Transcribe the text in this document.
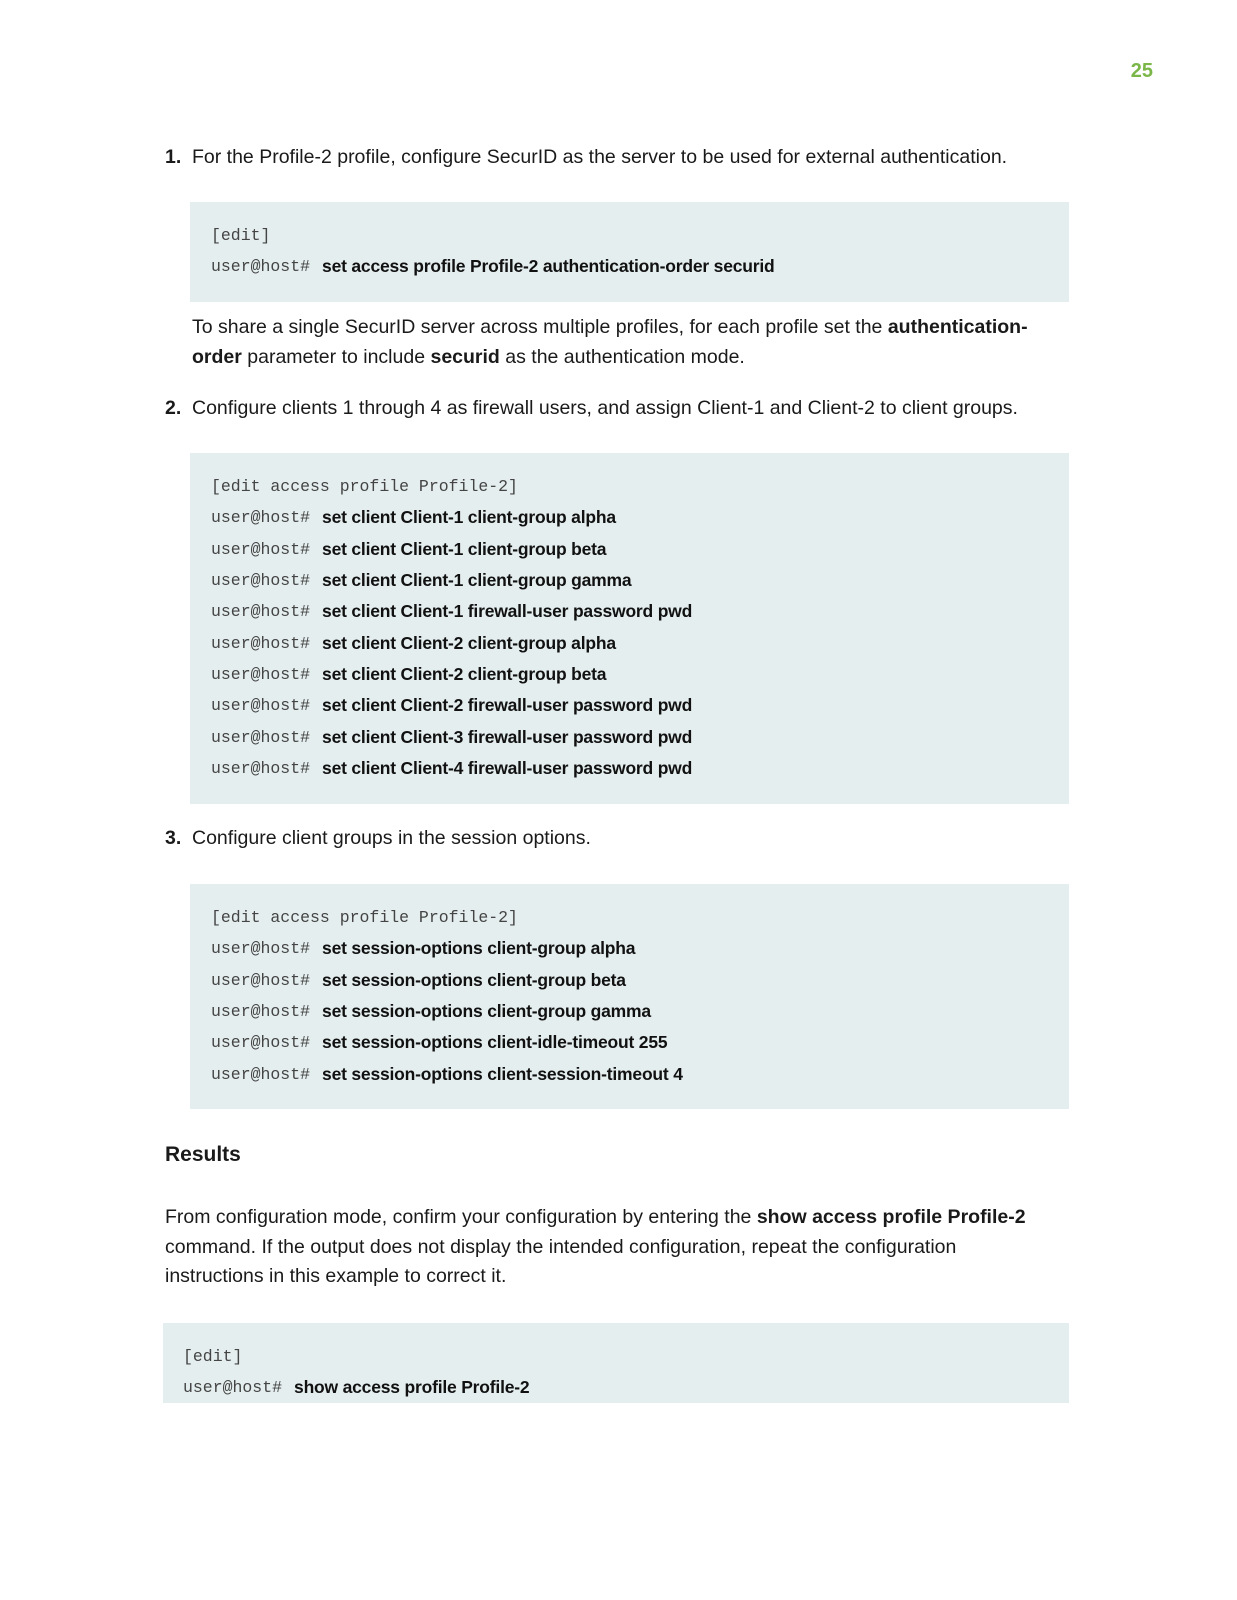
25
1. For the Profile-2 profile, configure SecurID as the server to be used for external authentication.
[edit]
user@host# set access profile Profile-2 authentication-order securid
To share a single SecurID server across multiple profiles, for each profile set the authentication-order parameter to include securid as the authentication mode.
2. Configure clients 1 through 4 as firewall users, and assign Client-1 and Client-2 to client groups.
[edit access profile Profile-2]
user@host# set client Client-1 client-group alpha
user@host# set client Client-1 client-group beta
user@host# set client Client-1 client-group gamma
user@host# set client Client-1 firewall-user password pwd
user@host# set client Client-2 client-group alpha
user@host# set client Client-2 client-group beta
user@host# set client Client-2 firewall-user password pwd
user@host# set client Client-3 firewall-user password pwd
user@host# set client Client-4 firewall-user password pwd
3. Configure client groups in the session options.
[edit access profile Profile-2]
user@host# set session-options client-group alpha
user@host# set session-options client-group beta
user@host# set session-options client-group gamma
user@host# set session-options client-idle-timeout 255
user@host# set session-options client-session-timeout 4
Results
From configuration mode, confirm your configuration by entering the show access profile Profile-2 command. If the output does not display the intended configuration, repeat the configuration instructions in this example to correct it.
[edit]
user@host# show access profile Profile-2
